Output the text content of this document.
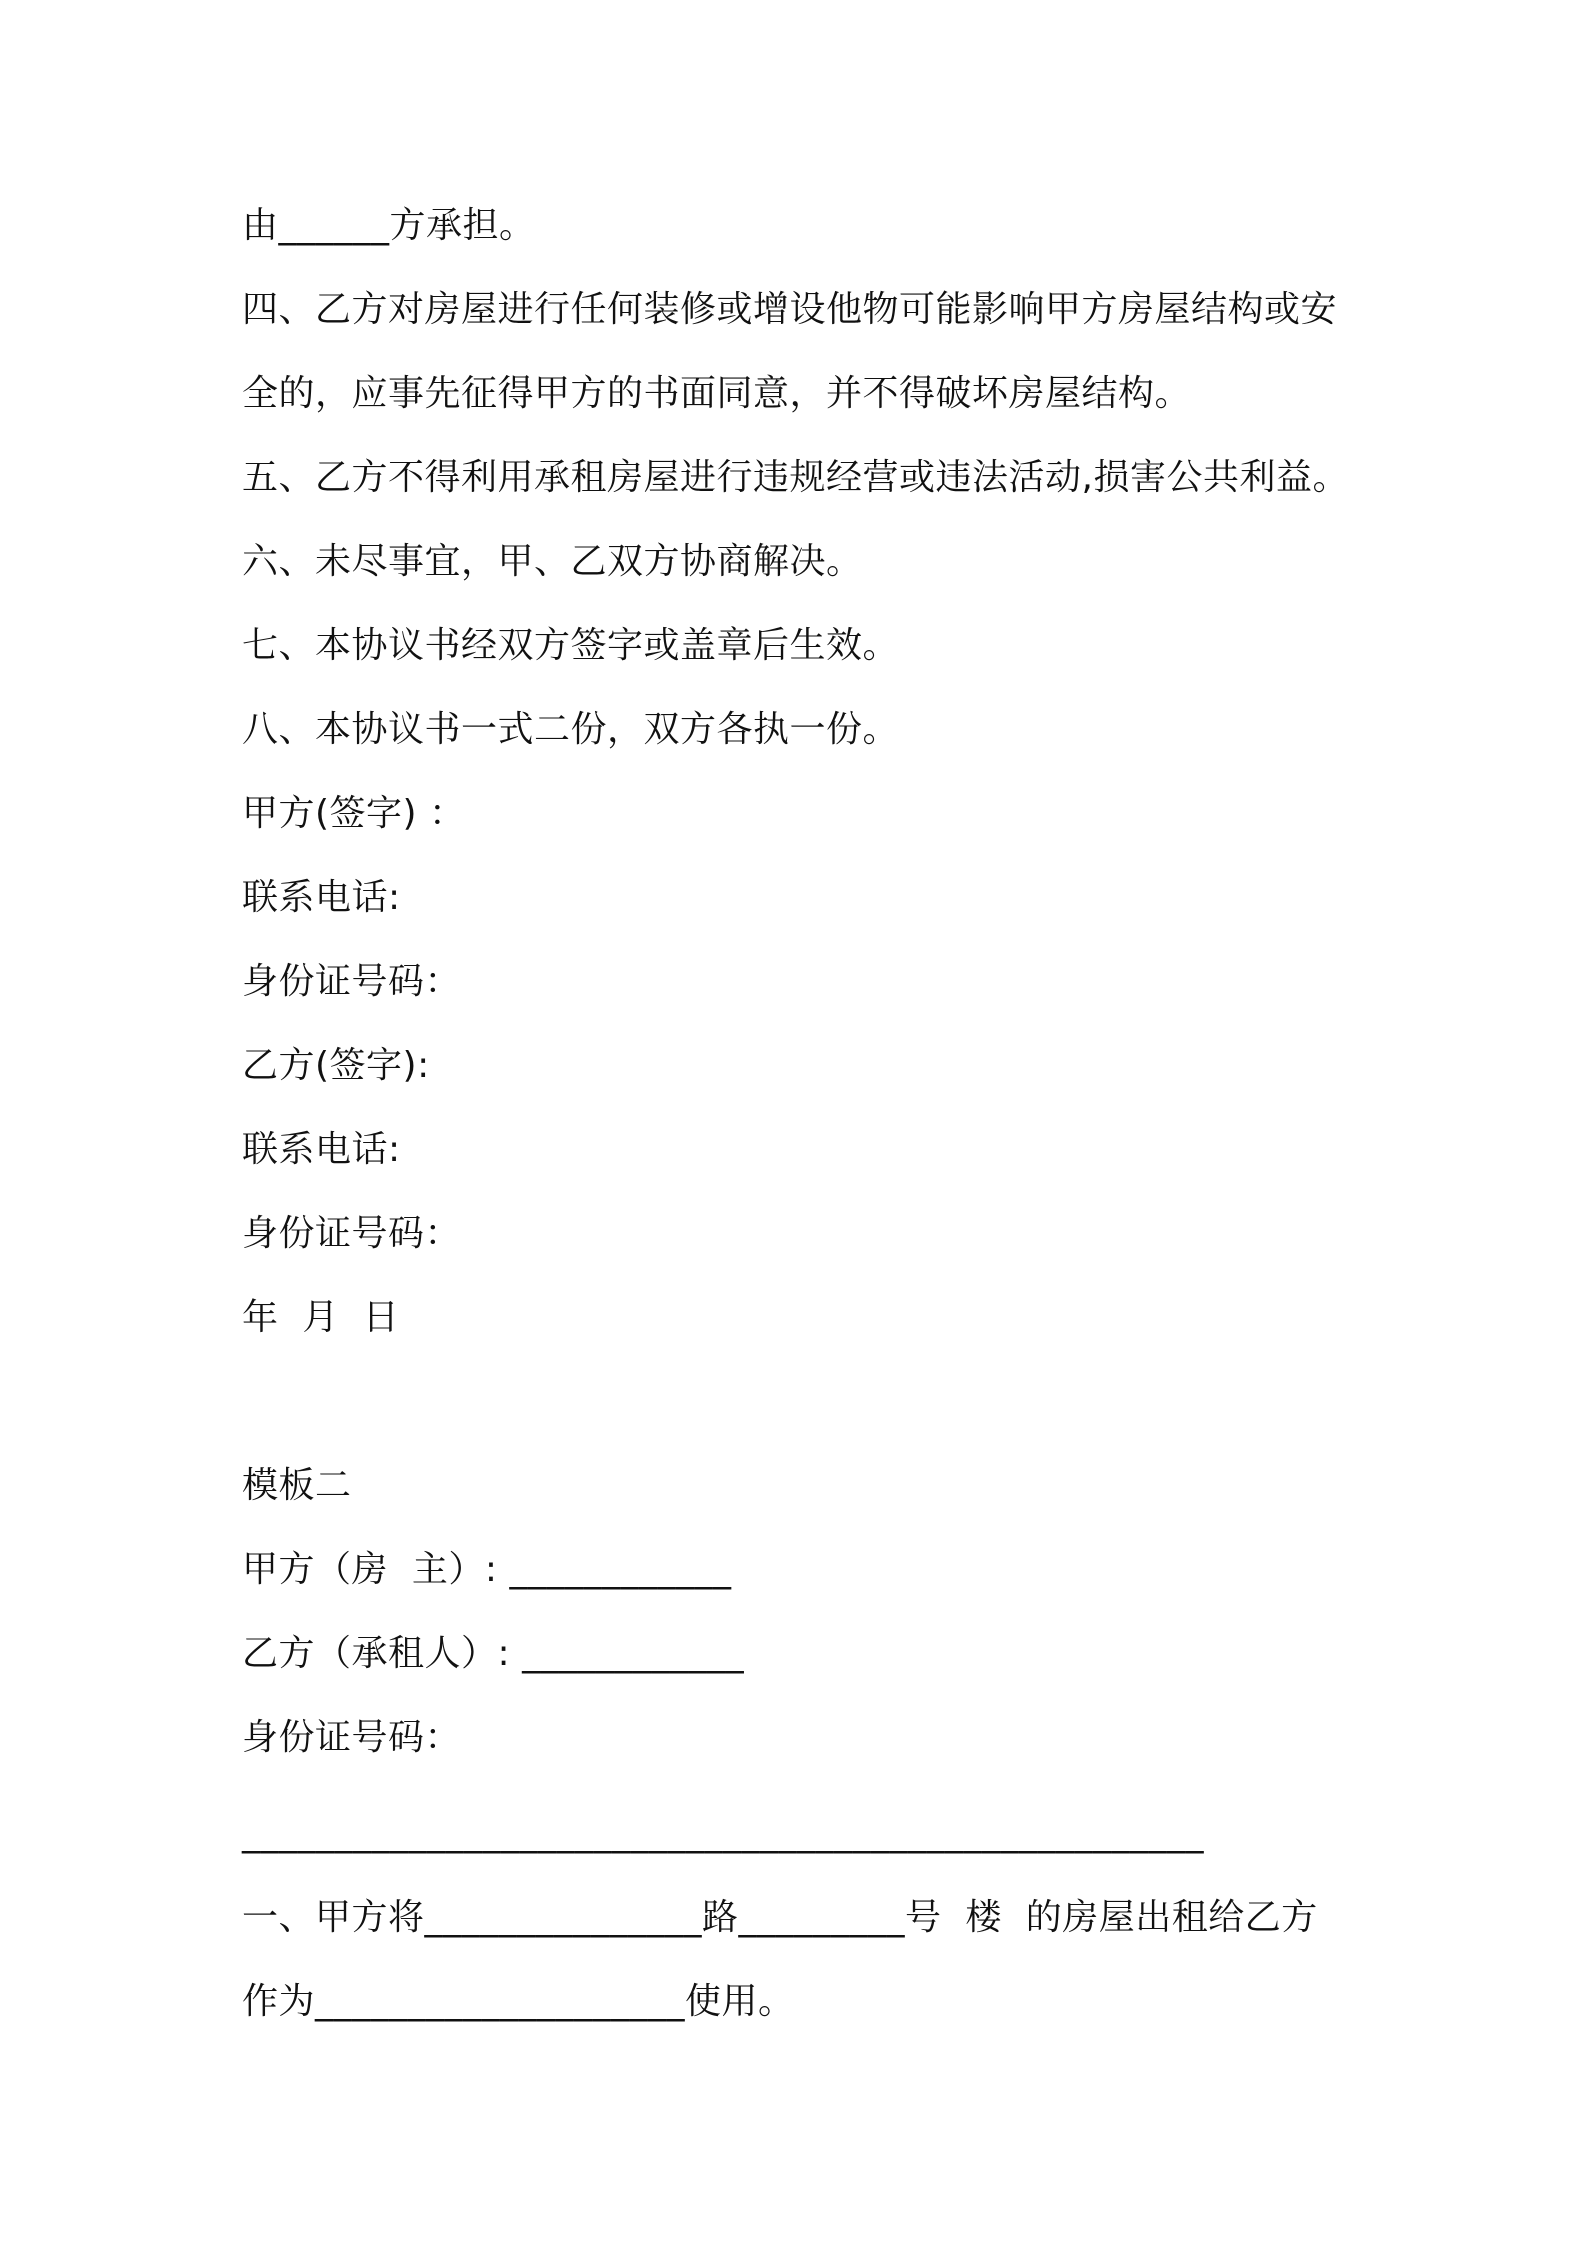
由______方承担。
四、乙方对房屋进行任何装修或增设他物可能影响甲方房屋结构或安
全的，应事先征得甲方的书面同意，并不得破坏房屋结构。
五、乙方不得利用承租房屋进行违规经营或违法活动,损害公共利益。
六、未尽事宜，甲、乙双方协商解决。
七、本协议书经双方签字或盖章后生效。
八、本协议书一式二份，双方各执一份。
甲方(签字) ：
联系电话:
身份证号码：
乙方(签字):
联系电话:
身份证号码：
年  月  日
模板二
甲方（房  主）: ____________
乙方（承租人）: ____________
身份证号码：
____________________________________________________
一、甲方将_______________路_________号  楼  的房屋出租给乙方
作为____________________使用。
